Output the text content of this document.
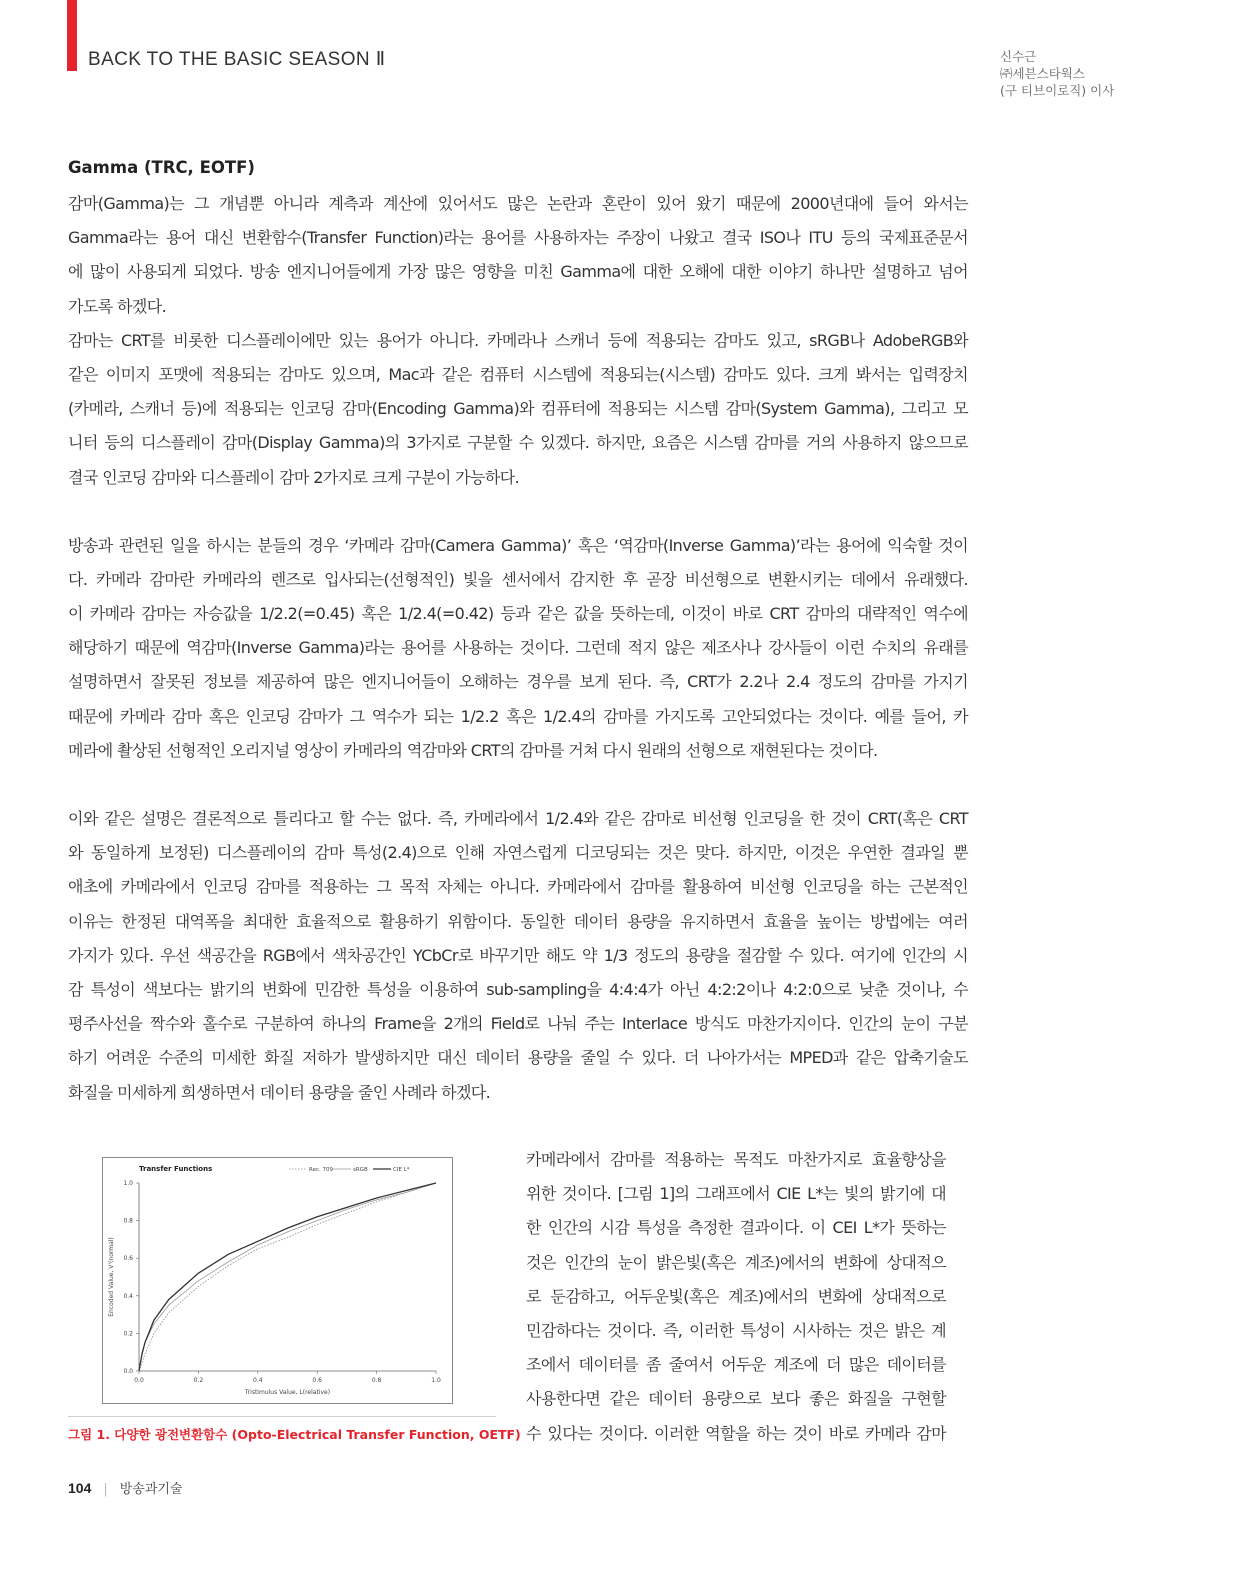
BACK TO THE BASIC SEASON Ⅱ	신수근
㈜세븐스타웍스
(구 티브이로직) 이사
Gamma (TRC, EOTF)
감마(Gamma)는 그 개념뿐 아니라 계측과 계산에 있어서도 많은 논란과 혼란이 있어 왔기 때문에 2000년대에 들어 와서는
Gamma라는 용어 대신 변환함수(Transfer Function)라는 용어를 사용하자는 주장이 나왔고 결국 ISO나 ITU 등의 국제표준문서
에 많이 사용되게 되었다. 방송 엔지니어들에게 가장 많은 영향을 미친 Gamma에 대한 오해에 대한 이야기 하나만 설명하고 넘어
가도록 하겠다.
감마는 CRT를 비롯한 디스플레이에만 있는 용어가 아니다. 카메라나 스캐너 등에 적용되는 감마도 있고, sRGB나 AdobeRGB와
같은 이미지 포맷에 적용되는 감마도 있으며, Mac과 같은 컴퓨터 시스템에 적용되는(시스템) 감마도 있다. 크게 봐서는 입력장치
(카메라, 스캐너 등)에 적용되는 인코딩 감마(Encoding Gamma)와 컴퓨터에 적용되는 시스템 감마(System Gamma), 그리고 모
니터 등의 디스플레이 감마(Display Gamma)의 3가지로 구분할 수 있겠다. 하지만, 요즘은 시스템 감마를 거의 사용하지 않으므로
결국 인코딩 감마와 디스플레이 감마 2가지로 크게 구분이 가능하다.
방송과 관련된 일을 하시는 분들의 경우 ‘카메라 감마(Camera Gamma)’ 혹은 ‘역감마(Inverse Gamma)’라는 용어에 익숙할 것이
다. 카메라 감마란 카메라의 렌즈로 입사되는(선형적인) 빛을 센서에서 감지한 후 곧장 비선형으로 변환시키는 데에서 유래했다.
이 카메라 감마는 자승값을 1/2.2(=0.45) 혹은 1/2.4(=0.42) 등과 같은 값을 뜻하는데, 이것이 바로 CRT 감마의 대략적인 역수에
해당하기 때문에 역감마(Inverse Gamma)라는 용어를 사용하는 것이다. 그런데 적지 않은 제조사나 강사들이 이런 수치의 유래를
설명하면서 잘못된 정보를 제공하여 많은 엔지니어들이 오해하는 경우를 보게 된다. 즉, CRT가 2.2나 2.4 정도의 감마를 가지기
때문에 카메라 감마 혹은 인코딩 감마가 그 역수가 되는 1/2.2 혹은 1/2.4의 감마를 가지도록 고안되었다는 것이다. 예를 들어, 카
메라에 촬상된 선형적인 오리지널 영상이 카메라의 역감마와 CRT의 감마를 거쳐 다시 원래의 선형으로 재현된다는 것이다.
이와 같은 설명은 결론적으로 틀리다고 할 수는 없다. 즉, 카메라에서 1/2.4와 같은 감마로 비선형 인코딩을 한 것이 CRT(혹은 CRT
와 동일하게 보정된) 디스플레이의 감마 특성(2.4)으로 인해 자연스럽게 디코딩되는 것은 맞다. 하지만, 이것은 우연한 결과일 뿐
애초에 카메라에서 인코딩 감마를 적용하는 그 목적 자체는 아니다. 카메라에서 감마를 활용하여 비선형 인코딩을 하는 근본적인
이유는 한정된 대역폭을 최대한 효율적으로 활용하기 위함이다. 동일한 데이터 용량을 유지하면서 효율을 높이는 방법에는 여러
가지가 있다. 우선 색공간을 RGB에서 색차공간인 YCbCr로 바꾸기만 해도 약 1/3 정도의 용량을 절감할 수 있다. 여기에 인간의 시
감 특성이 색보다는 밝기의 변화에 민감한 특성을 이용하여 sub-sampling을 4:4:4가 아닌 4:2:2이나 4:2:0으로 낮춘 것이나, 수
평주사선을 짝수와 홀수로 구분하여 하나의 Frame을 2개의 Field로 나눠 주는 Interlace 방식도 마찬가지이다. 인간의 눈이 구분
하기 어려운 수준의 미세한 화질 저하가 발생하지만 대신 데이터 용량을 줄일 수 있다. 더 나아가서는 MPED과 같은 압축기술도
화질을 미세하게 희생하면서 데이터 용량을 줄인 사례라 하겠다.
0.0	0.2	0.4	0.6	0.8	1.0
0.0
0.2
0.4
0.6
0.8
1.0
Transfer Functions
Tristimulus Value, L(relative)
Encoded Value, V'(normal)
Rec. 709	sRGB	CIE L*
그림 1. 다양한 광전변환함수 (Opto-Electrical Transfer Function, OETF)
카메라에서 감마를 적용하는 목적도 마찬가지로 효율향상을
위한 것이다. [그림 1]의 그래프에서 CIE L*는 빛의 밝기에 대
한 인간의 시감 특성을 측정한 결과이다. 이 CEI L*가 뜻하는
것은 인간의 눈이 밝은빛(혹은 계조)에서의 변화에 상대적으
로 둔감하고, 어두운빛(혹은 계조)에서의 변화에 상대적으로
민감하다는 것이다. 즉, 이러한 특성이 시사하는 것은 밝은 계
조에서 데이터를 좀 줄여서 어두운 계조에 더 많은 데이터를
사용한다면 같은 데이터 용량으로 보다 좋은 화질을 구현할
수 있다는 것이다. 이러한 역할을 하는 것이 바로 카메라 감마
104 | 방송과기술
